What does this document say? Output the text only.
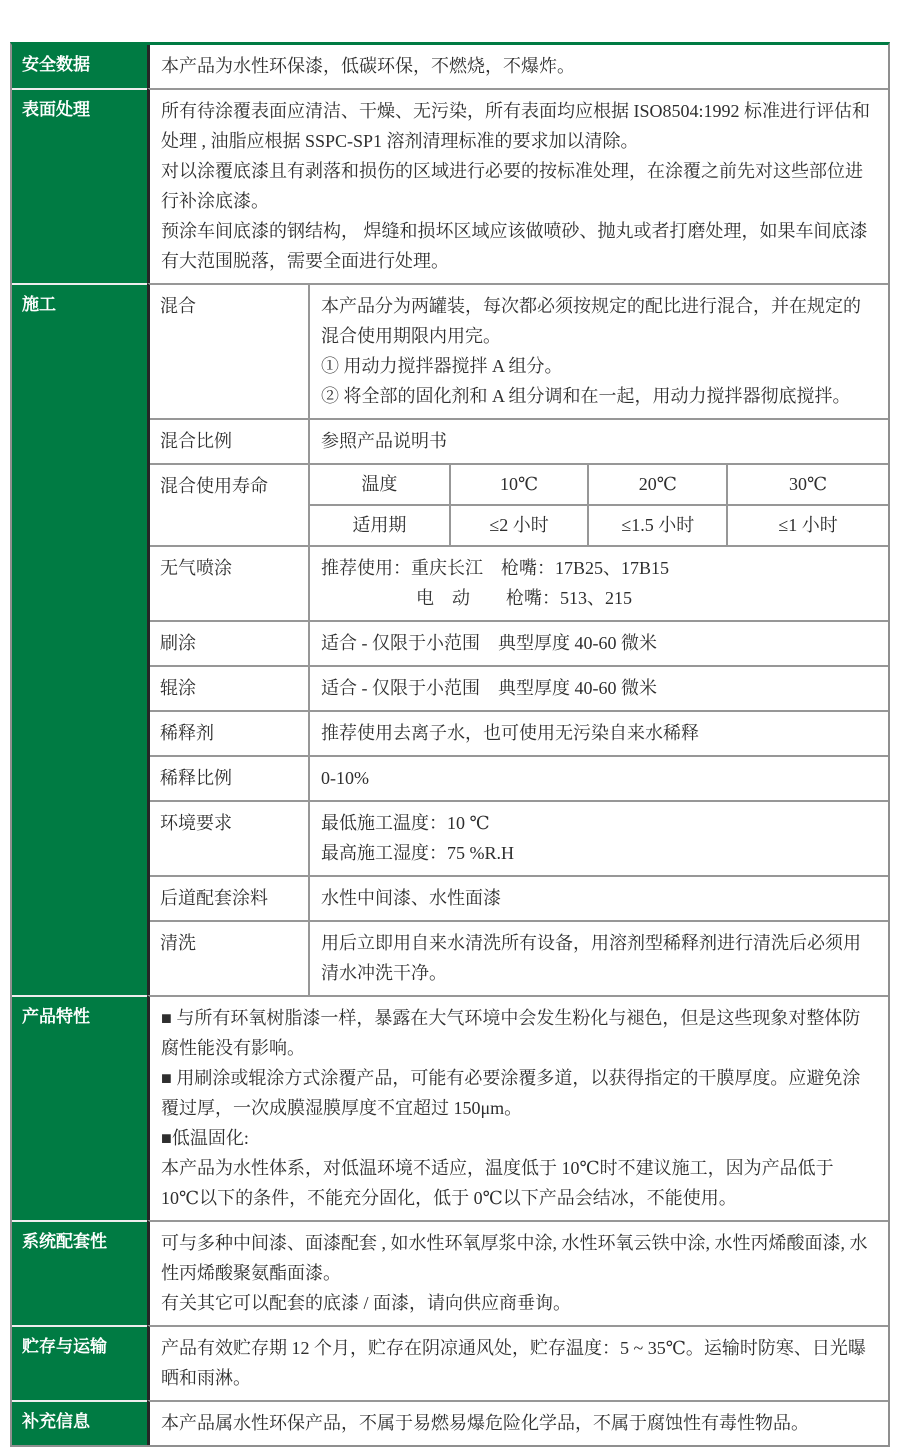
安全数据	本产品为水性环保漆，低碳环保，不燃烧，不爆炸。

表面处理	所有待涂覆表面应清洁、干燥、无污染，所有表面均应根据 ISO8504:1992 标准进行评估和处理 , 油脂应根据 SSPC-SP1 溶剂清理标准的要求加以清除。

对以涂覆底漆且有剥落和损伤的区域进行必要的按标准处理，在涂覆之前先对这些部位进行补涂底漆。

预涂车间底漆的钢结构， 焊缝和损坏区域应该做喷砂、抛丸或者打磨处理，如果车间底漆有大范围脱落，需要全面进行处理。

施工	混合	本产品分为两罐装，每次都必须按规定的配比进行混合，并在规定的混合使用期限内用完。

① 用动力搅拌器搅拌 A 组分。

② 将全部的固化剂和 A 组分调和在一起，用动力搅拌器彻底搅拌。

混合比例	参照产品说明书

混合使用寿命	温度	10℃	20℃	30℃
适用期	≤2 小时	≤1.5 小时	≤1 小时
无气喷涂	推荐使用：重庆长江　枪嘴：17B25、17B15

电　动　　枪嘴：513、215

刷涂	适合 - 仅限于小范围　典型厚度 40-60 微米

辊涂	适合 - 仅限于小范围　典型厚度 40-60 微米

稀释剂	推荐使用去离子水，也可使用无污染自来水稀释

稀释比例	0-10%

环境要求	最低施工温度：10 ℃

最高施工湿度：75 %R.H

后道配套涂料	水性中间漆、水性面漆

清洗	用后立即用自来水清洗所有设备，用溶剂型稀释剂进行清洗后必须用清水冲洗干净。

产品特性	■ 与所有环氧树脂漆一样，暴露在大气环境中会发生粉化与褪色，但是这些现象对整体防腐性能没有影响。

■ 用刷涂或辊涂方式涂覆产品，可能有必要涂覆多道，以获得指定的干膜厚度。应避免涂覆过厚，一次成膜湿膜厚度不宜超过 150μm。

■低温固化:

本产品为水性体系，对低温环境不适应，温度低于 10℃时不建议施工，因为产品低于 10℃以下的条件，不能充分固化，低于 0℃以下产品会结冰，不能使用。

系统配套性	可与多种中间漆、面漆配套 , 如水性环氧厚浆中涂, 水性环氧云铁中涂, 水性丙烯酸面漆, 水性丙烯酸聚氨酯面漆。

有关其它可以配套的底漆 / 面漆，请向供应商垂询。

贮存与运输	产品有效贮存期 12 个月，贮存在阴凉通风处，贮存温度：5 ~ 35℃。运输时防寒、日光曝晒和雨淋。

补充信息	本产品属水性环保产品，不属于易燃易爆危险化学品，不属于腐蚀性有毒性物品。
